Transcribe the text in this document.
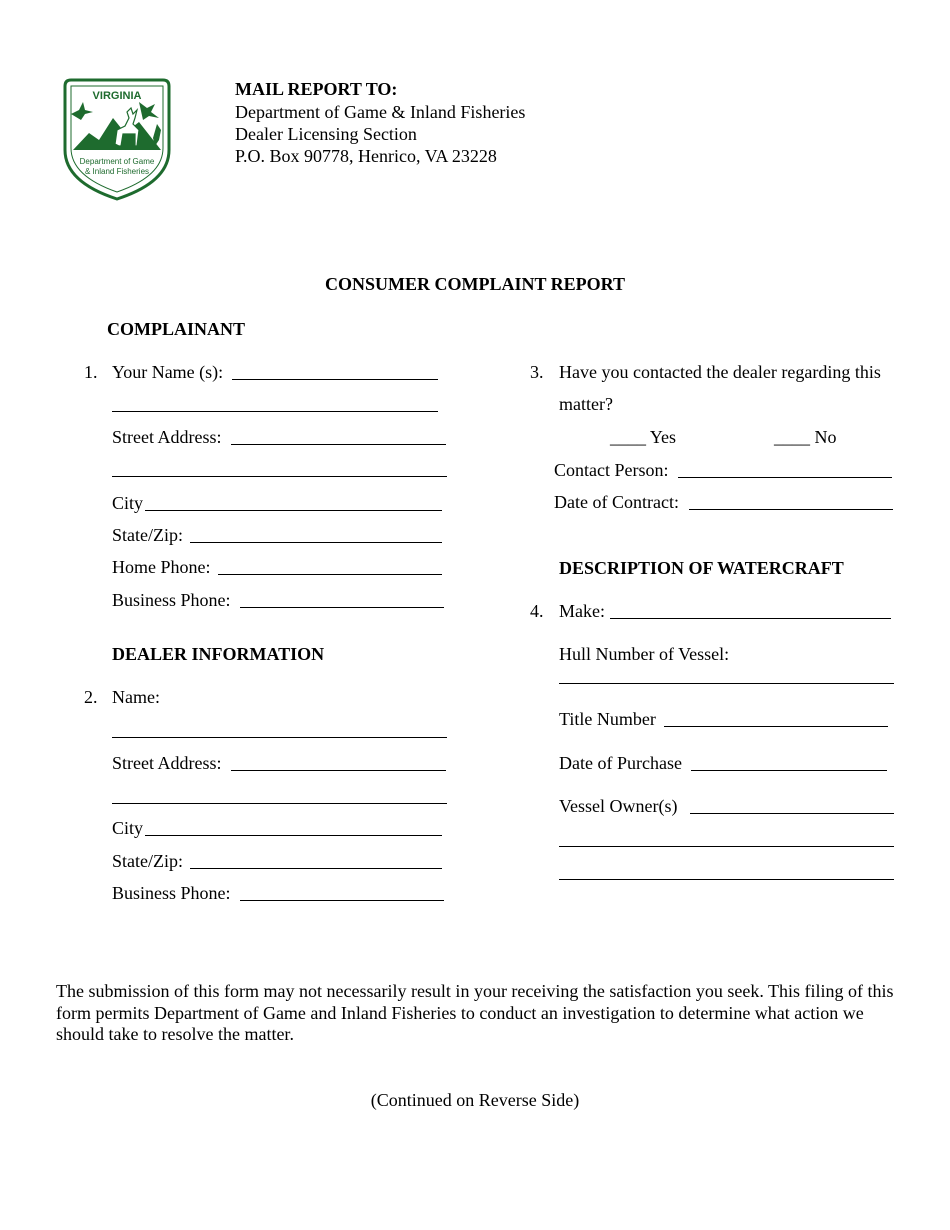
VIRGINIA
Department of Game
& Inland Fisheries
MAIL REPORT TO:
Department of Game & Inland Fisheries
Dealer Licensing Section
P.O. Box 90778, Henrico, VA 23228
CONSUMER COMPLAINT REPORT
COMPLAINANT
1. Your Name (s):
Street Address:
City
State/Zip:
Home Phone:
Business Phone:
DEALER INFORMATION
2. Name:
Street Address:
City
State/Zip:
Business Phone:
3. Have you contacted the dealer regarding this
matter?
____ Yes	____ No
Contact Person:
Date of Contract:
DESCRIPTION OF WATERCRAFT
4. Make:
Hull Number of Vessel:
Title Number
Date of Purchase
Vessel Owner(s)
The submission of this form may not necessarily result in your receiving the satisfaction you seek. This filing of this form permits Department of Game and Inland Fisheries to conduct an investigation to determine what action we should take to resolve the matter.
(Continued on Reverse Side)
